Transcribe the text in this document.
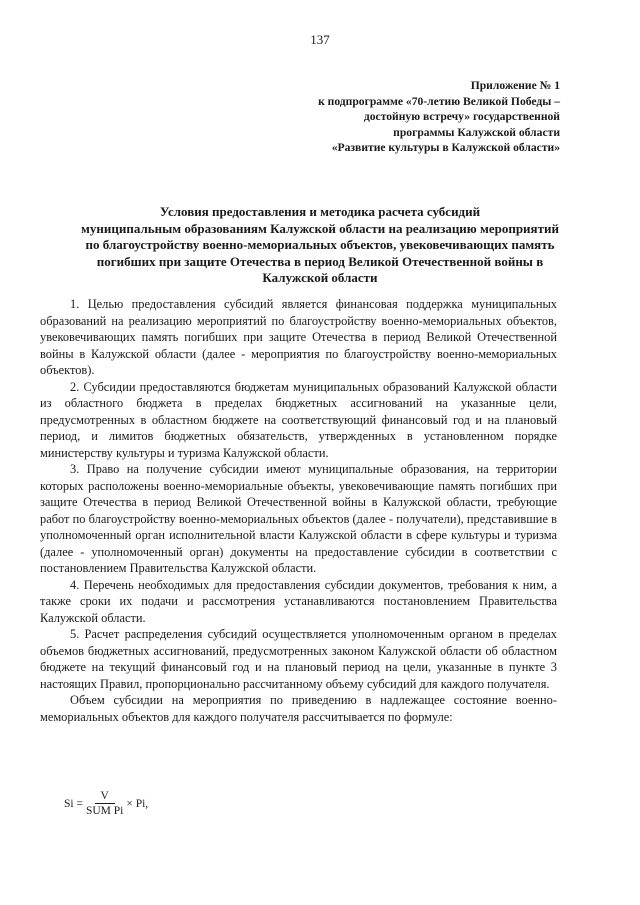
137
Приложение № 1
к подпрограмме «70-летию Великой Победы –
достойную встречу» государственной
программы Калужской области
«Развитие культуры в Калужской области»
Условия предоставления и методика расчета субсидий
муниципальным образованиям Калужской области на реализацию мероприятий
по благоустройству военно-мемориальных объектов, увековечивающих память
погибших при защите Отечества в период Великой Отечественной войны в
Калужской области

1. Целью предоставления субсидий является финансовая поддержка муниципальных образований на реализацию мероприятий по благоустройству военно-мемориальных объектов, увековечивающих память погибших при защите Отечества в период Великой Отечественной войны в Калужской области (далее - мероприятия по благоустройству военно-мемориальных объектов).

2. Субсидии предоставляются бюджетам муниципальных образований Калужской области из областного бюджета в пределах бюджетных ассигнований на указанные цели, предусмотренных в областном бюджете на соответствующий финансовый год и на плановый период, и лимитов бюджетных обязательств, утвержденных в установленном порядке министерству культуры и туризма Калужской области.

3. Право на получение субсидии имеют муниципальные образования, на территории которых расположены военно-мемориальные объекты, увековечивающие память погибших при защите Отечества в период Великой Отечественной войны в Калужской области, требующие работ по благоустройству военно-мемориальных объектов (далее - получатели), представившие в уполномоченный орган исполнительной власти Калужской области в сфере культуры и туризма (далее - уполномоченный орган) документы на предоставление субсидии в соответствии с постановлением Правительства Калужской области.

4. Перечень необходимых для предоставления субсидии документов, требования к ним, а также сроки их подачи и рассмотрения устанавливаются постановлением Правительства Калужской области.

5. Расчет распределения субсидий осуществляется уполномоченным органом в пределах объемов бюджетных ассигнований, предусмотренных законом Калужской области об областном бюджете на текущий финансовый год и на плановый период на цели, указанные в пункте 3 настоящих Правил, пропорционально рассчитанному объему субсидий для каждого получателя.

Объем субсидии на мероприятия по приведению в надлежащее состояние военно-мемориальных объектов для каждого получателя рассчитывается по формуле:

$Si = \frac{V}{\text{SUM Pi}} \times Pi$,
